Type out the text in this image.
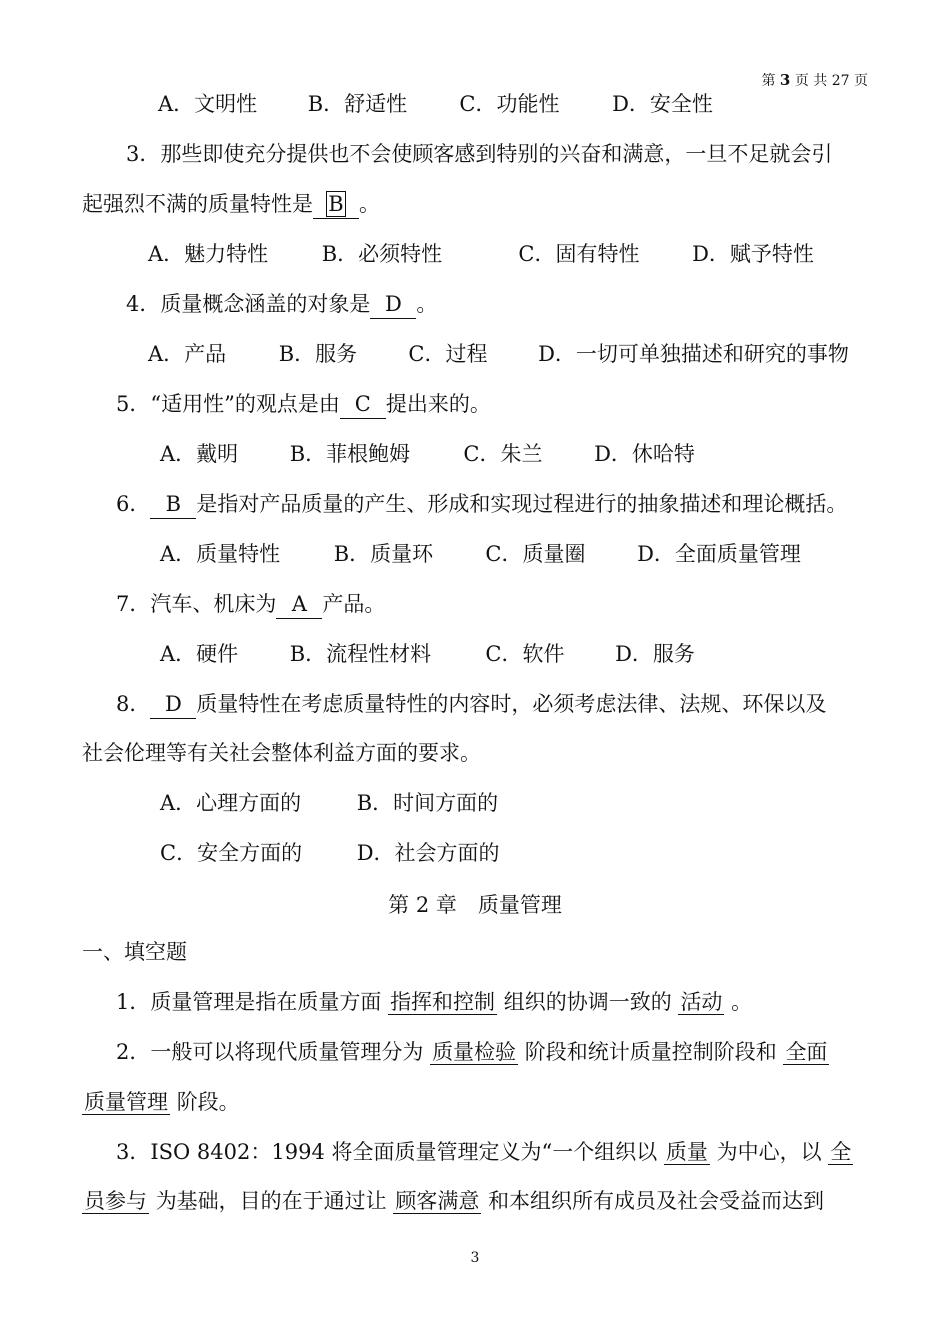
第 3 页 共 27 页
A．文明性 B．舒适性 C．功能性	D．安全性
3．那些即使充分提供也不会使顾客感到特别的兴奋和满意，一旦不足就会引
起强烈不满的质量特性是 B 。
A．魅力特性	B．必须特性	C．固有特性	D．赋予特性
4．质量概念涵盖的对象是 D 。
A．产品	B．服务 C．过程 D．一切可单独描述和研究的事物
5．“适用性”的观点是由 C 提出来的。
A．戴明 B．菲根鲍姆	C．朱兰 D．休哈特
6． B 是指对产品质量的产生、形成和实现过程进行的抽象描述和理论概括。
A．质量特性	B．质量环 C．质量圈 D．全面质量管理
7．汽车、机床为 A 产品。
A．硬件 B．流程性材料	C．软件 D．服务
8． D 质量特性在考虑质量特性的内容时，必须考虑法律、法规、环保以及
社会伦理等有关社会整体利益方面的要求。
A．心理方面的	B．时间方面的
C．安全方面的	D．社会方面的
第 2 章　质量管理
一、填空题
1．质量管理是指在质量方面 指挥和控制 组织的协调一致的 活动 。
2．一般可以将现代质量管理分为 质量检验 阶段和统计质量控制阶段和 全面
质量管理 阶段。
3．ISO 8402：1994 将全面质量管理定义为“一个组织以 质量 为中心，以 全
员参与 为基础，目的在于通过让 顾客满意 和本组织所有成员及社会受益而达到
3
